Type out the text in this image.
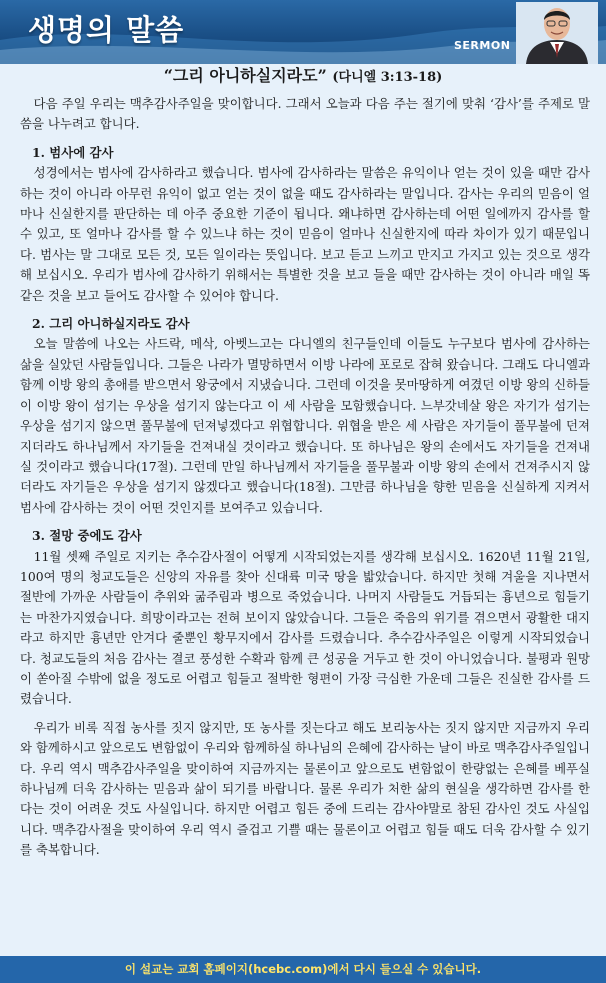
생명의 말씀	SERMON
“그리 아니하실지라도” (다니엘 3:13-18)

다음 주일 우리는 맥추감사주일을 맞이합니다. 그래서 오늘과 다음 주는 절기에 맞춰 ‘감사’를 주제로 말씀을 나누려고 합니다.

1. 범사에 감사

성경에서는 범사에 감사하라고 했습니다. 범사에 감사하라는 말씀은 유익이나 얻는 것이 있을 때만 감사하는 것이 아니라 아무런 유익이 없고 얻는 것이 없을 때도 감사하라는 말입니다. 감사는 우리의 믿음이 얼마나 신실한지를 판단하는 데 아주 중요한 기준이 됩니다. 왜냐하면 감사하는데 어떤 일에까지 감사를 할 수 있고, 또 얼마나 감사를 할 수 있느냐 하는 것이 믿음이 얼마나 신실한지에 따라 차이가 있기 때문입니다. 범사는 말 그대로 모든 것, 모든 일이라는 뜻입니다. 보고 듣고 느끼고 만지고 가지고 있는 것으로 생각해 보십시오. 우리가 범사에 감사하기 위해서는 특별한 것을 보고 들을 때만 감사하는 것이 아니라 매일 똑같은 것을 보고 들어도 감사할 수 있어야 합니다.

2. 그리 아니하실지라도 감사

오늘 말씀에 나오는 사드락, 메삭, 아벳느고는 다니엘의 친구들인데 이들도 누구보다 범사에 감사하는 삶을 실았던 사람들입니다. 그들은 나라가 멸망하면서 이방 나라에 포로로 잡혀 왔습니다. 그래도 다니엘과 함께 이방 왕의 총애를 받으면서 왕궁에서 지냈습니다. 그런데 이것을 못마땅하게 여겼던 이방 왕의 신하들이 이방 왕이 섬기는 우상을 섬기지 않는다고 이 세 사람을 모함했습니다. 느부갓네살 왕은 자기가 섬기는 우상을 섬기지 않으면 풀무불에 던져넣겠다고 위협합니다. 위협을 받은 세 사람은 자기들이 풀무불에 던져지더라도 하나님께서 자기들을 건져내실 것이라고 했습니다. 또 하나님은 왕의 손에서도 자기들을 건져내실 것이라고 했습니다(17절). 그런데 만일 하나님께서 자기들을 풀무불과 이방 왕의 손에서 건져주시지 않더라도 자기들은 우상을 섬기지 않겠다고 했습니다(18절). 그만큼 하나님을 향한 믿음을 신실하게 지켜서 범사에 감사하는 것이 어떤 것인지를 보여주고 있습니다.

3. 절망 중에도 감사

11월 셋째 주일로 지키는 추수감사절이 어떻게 시작되었는지를 생각해 보십시오. 1620년 11월 21일, 100여 명의 청교도들은 신앙의 자유를 찾아 신대륙 미국 땅을 밟았습니다. 하지만 첫해 겨울을 지나면서 절반에 가까운 사람들이 추위와 굶주림과 병으로 죽었습니다. 나머지 사람들도 거듭되는 흉년으로 힘들기는 마찬가지였습니다. 희망이라고는 전혀 보이지 않았습니다. 그들은 죽음의 위기를 겪으면서 광활한 대지라고 하지만 흉년만 안겨다 줄뿐인 황무지에서 감사를 드렸습니다. 추수감사주일은 이렇게 시작되었습니다. 청교도들의 처음 감사는 결코 풍성한 수확과 함께 큰 성공을 거두고 한 것이 아니었습니다. 불평과 원망이 쏟아질 수밖에 없을 정도로 어렵고 힘들고 절박한 형편이 가장 극심한 가운데 그들은 진실한 감사를 드렸습니다.

우리가 비록 직접 농사를 짓지 않지만, 또 농사를 짓는다고 해도 보리농사는 짓지 않지만 지금까지 우리와 함께하시고 앞으로도 변함없이 우리와 함께하실 하나님의 은혜에 감사하는 날이 바로 맥추감사주일입니다. 우리 역시 맥추감사주일을 맞이하여 지금까지는 물론이고 앞으로도 변함없이 한량없는 은혜를 베푸실 하나님께 더욱 감사하는 믿음과 삶이 되기를 바랍니다. 물론 우리가 처한 삶의 현실을 생각하면 감사를 한다는 것이 어려운 것도 사실입니다. 하지만 어렵고 힘든 중에 드리는 감사야말로 참된 감사인 것도 사실입니다. 맥추감사절을 맞이하여 우리 역시 즐겁고 기쁠 때는 물론이고 어렵고 힘들 때도 더욱 감사할 수 있기를 축복합니다.

이 설교는 교회 홈페이지(hcebc.com)에서 다시 들으실 수 있습니다.
